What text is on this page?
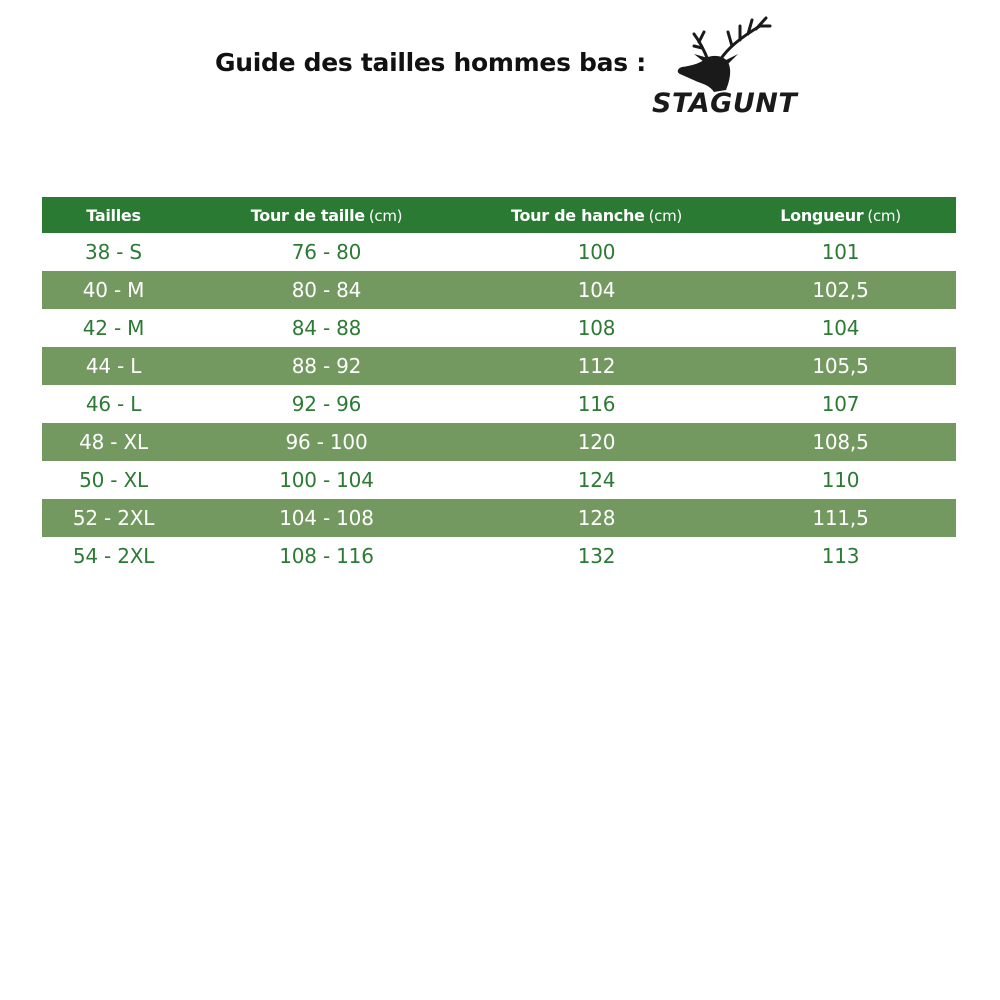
Guide des tailles hommes bas :
STAGUNT
Tailles	Tour de taille (cm)	Tour de hanche (cm)	Longueur (cm)
38 - S	76 - 80	100	101
40 - M	80 - 84	104	102,5
42 - M	84 - 88	108	104
44 - L	88 - 92	112	105,5
46 - L	92 - 96	116	107
48 - XL	96 - 100	120	108,5
50 - XL	100 - 104	124	110
52 - 2XL	104 - 108	128	111,5
54 - 2XL	108 - 116	132	113
